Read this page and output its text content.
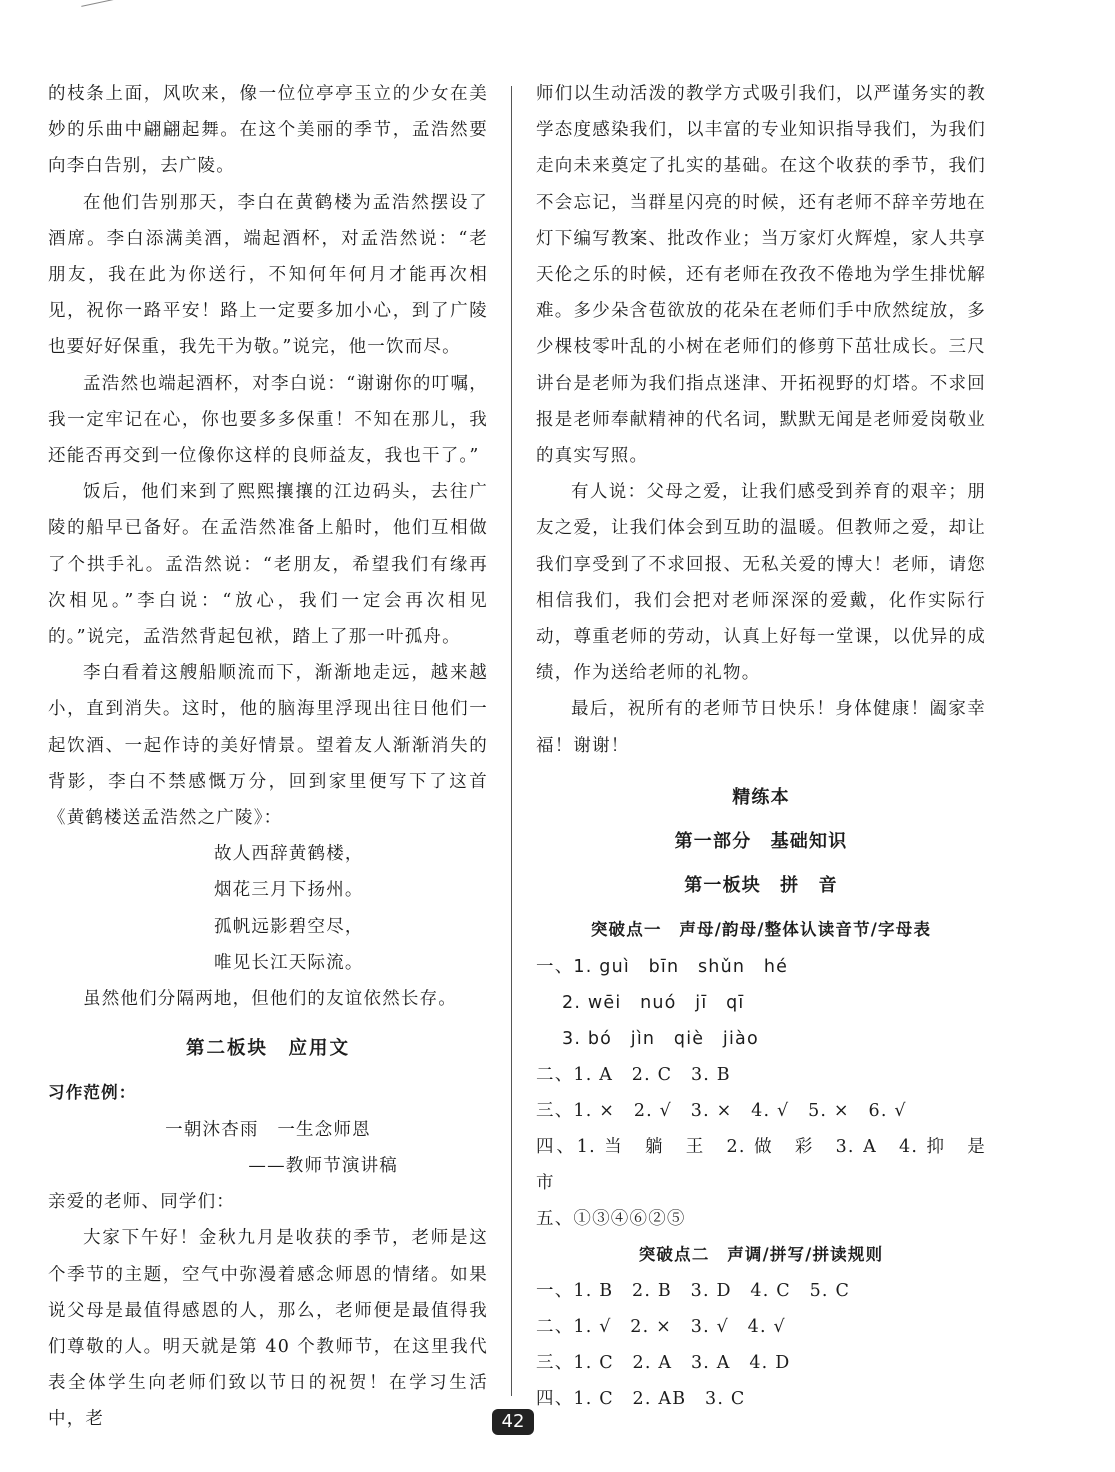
的枝条上面，风吹来，像一位位亭亭玉立的少女在美妙的乐曲中翩翩起舞。在这个美丽的季节，孟浩然要向李白告别，去广陵。

在他们告别那天，李白在黄鹤楼为孟浩然摆设了酒席。李白添满美酒，端起酒杯，对孟浩然说：“老朋友，我在此为你送行，不知何年何月才能再次相见，祝你一路平安！路上一定要多加小心，到了广陵也要好好保重，我先干为敬。”说完，他一饮而尽。

孟浩然也端起酒杯，对李白说：“谢谢你的叮嘱，我一定牢记在心，你也要多多保重！不知在那儿，我还能否再交到一位像你这样的良师益友，我也干了。”

饭后，他们来到了熙熙攘攘的江边码头，去往广陵的船早已备好。在孟浩然准备上船时，他们互相做了个拱手礼。孟浩然说：“老朋友，希望我们有缘再次相见。”李白说：“放心，我们一定会再次相见的。”说完，孟浩然背起包袱，踏上了那一叶孤舟。

李白看着这艘船顺流而下，渐渐地走远，越来越小，直到消失。这时，他的脑海里浮现出往日他们一起饮酒、一起作诗的美好情景。望着友人渐渐消失的背影，李白不禁感慨万分，回到家里便写下了这首《黄鹤楼送孟浩然之广陵》：

故人西辞黄鹤楼，

烟花三月下扬州。

孤帆远影碧空尽，

唯见长江天际流。

虽然他们分隔两地，但他们的友谊依然长存。

第二板块　应用文

习作范例：

一朝沐杏雨　一生念师恩

——教师节演讲稿

亲爱的老师、同学们：

大家下午好！金秋九月是收获的季节，老师是这个季节的主题，空气中弥漫着感念师恩的情绪。如果说父母是最值得感恩的人，那么，老师便是最值得我们尊敬的人。明天就是第 40 个教师节，在这里我代表全体学生向老师们致以节日的祝贺！在学习生活中，老

师们以生动活泼的教学方式吸引我们，以严谨务实的教学态度感染我们，以丰富的专业知识指导我们，为我们走向未来奠定了扎实的基础。在这个收获的季节，我们不会忘记，当群星闪亮的时候，还有老师不辞辛劳地在灯下编写教案、批改作业；当万家灯火辉煌，家人共享天伦之乐的时候，还有老师在孜孜不倦地为学生排忧解难。多少朵含苞欲放的花朵在老师们手中欣然绽放，多少棵枝零叶乱的小树在老师们的修剪下茁壮成长。三尺讲台是老师为我们指点迷津、开拓视野的灯塔。不求回报是老师奉献精神的代名词，默默无闻是老师爱岗敬业的真实写照。

有人说：父母之爱，让我们感受到养育的艰辛；朋友之爱，让我们体会到互助的温暖。但教师之爱，却让我们享受到了不求回报、无私关爱的博大！老师，请您相信我们，我们会把对老师深深的爱戴，化作实际行动，尊重老师的劳动，认真上好每一堂课，以优异的成绩，作为送给老师的礼物。

最后，祝所有的老师节日快乐！身体健康！阖家幸福！谢谢！

精练本

第一部分　基础知识

第一板块　拼　音

突破点一　声母/韵母/整体认读音节/字母表

一、1. guì　bīn　shǔn　hé

2. wēi　nuó　jī　qī

3. bó　jìn　qiè　jiào

二、1. A　2. C　3. B

三、1. ×　2. √　3. ×　4. √　5. ×　6. √

四、1. 当　躺　王　2. 做　彩　3. A　4. 抑　是　市

五、①③④⑥②⑤

突破点二　声调/拼写/拼读规则

一、1. B　2. B　3. D　4. C　5. C

二、1. √　2. ×　3. √　4. √

三、1. C　2. A　3. A　4. D

四、1. C　2. AB　3. C

42
